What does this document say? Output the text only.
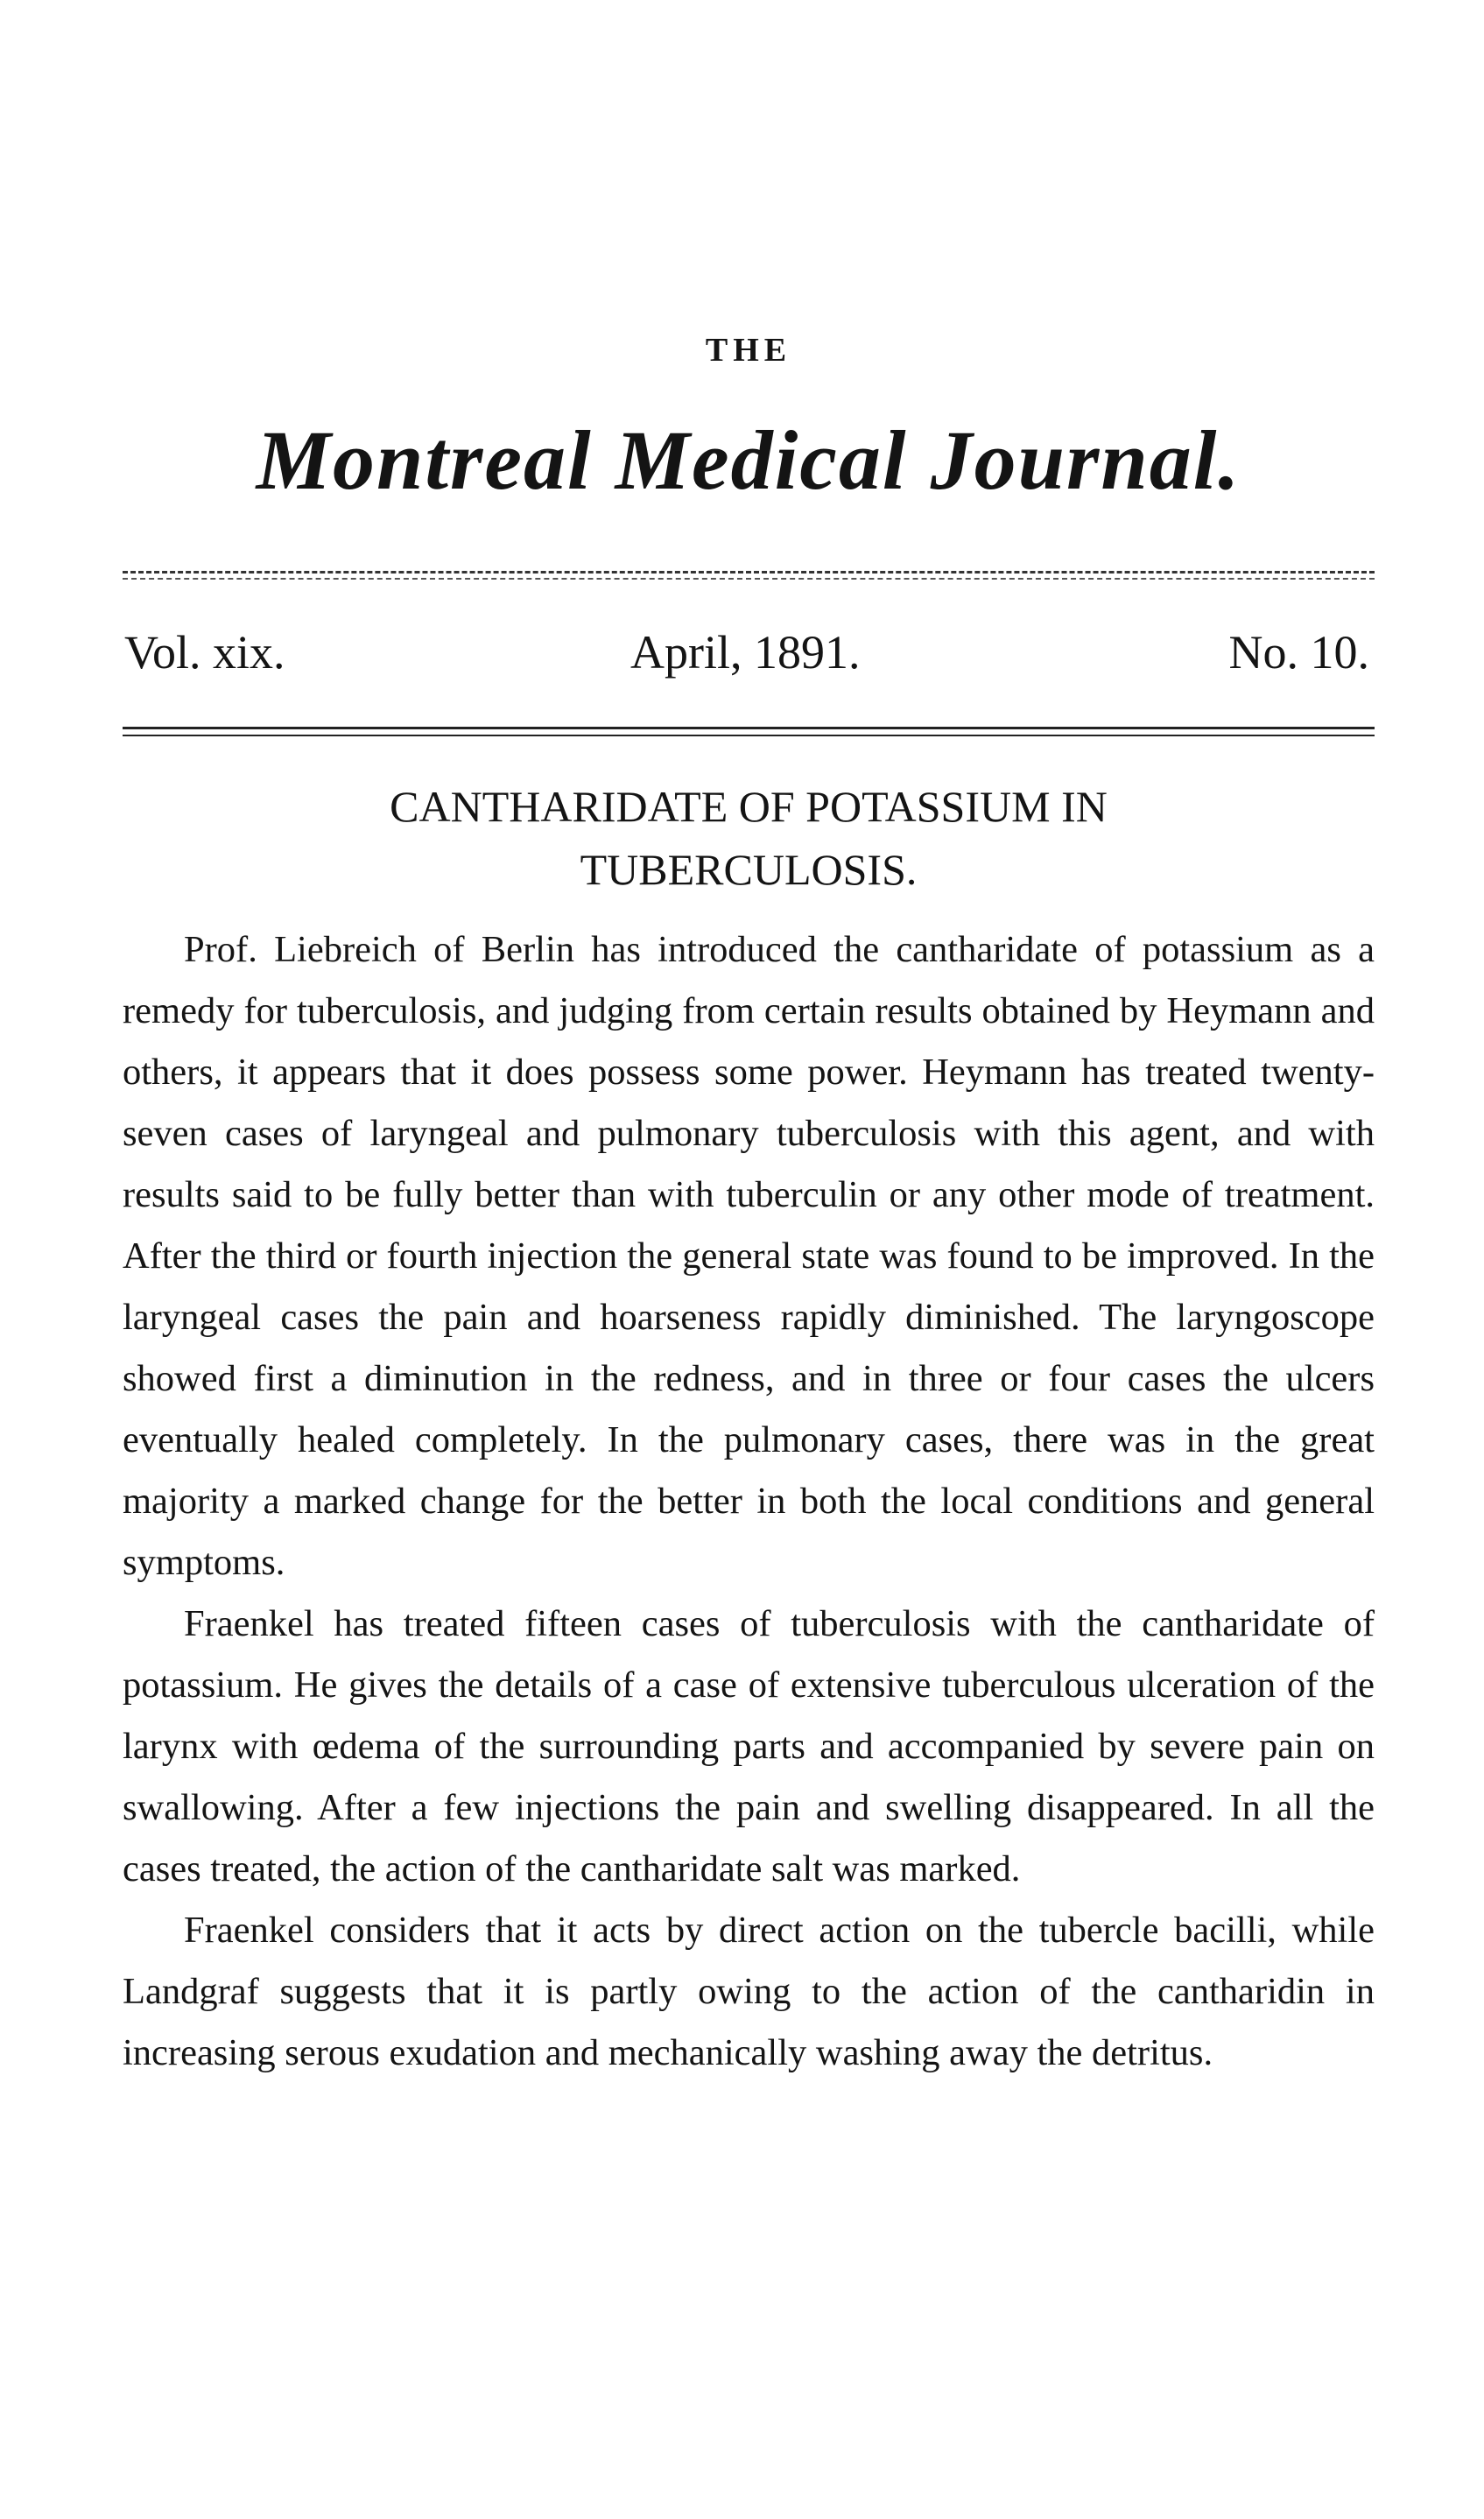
THE
Montreal Medical Journal.
Vol. xix.	April, 1891.	No. 10.
CANTHARIDATE OF POTASSIUM IN
TUBERCULOSIS.

Prof. Liebreich of Berlin has introduced the cantharidate of potassium as a remedy for tuberculosis, and judging from certain results obtained by Heymann and others, it appears that it does possess some power. Heymann has treated twenty-seven cases of laryngeal and pulmonary tuberculosis with this agent, and with results said to be fully better than with tuberculin or any other mode of treatment. After the third or fourth injection the general state was found to be improved. In the laryngeal cases the pain and hoarseness rapidly diminished. The laryngoscope showed first a diminution in the redness, and in three or four cases the ulcers eventually healed completely. In the pulmonary cases, there was in the great majority a marked change for the better in both the local conditions and general symptoms.

Fraenkel has treated fifteen cases of tuberculosis with the cantharidate of potassium. He gives the details of a case of extensive tuberculous ulceration of the larynx with œdema of the surrounding parts and accompanied by severe pain on swallowing. After a few injections the pain and swelling disappeared. In all the cases treated, the action of the cantharidate salt was marked.

Fraenkel considers that it acts by direct action on the tubercle bacilli, while Landgraf suggests that it is partly owing to the action of the cantharidin in increasing serous exudation and mechanically washing away the detritus.
